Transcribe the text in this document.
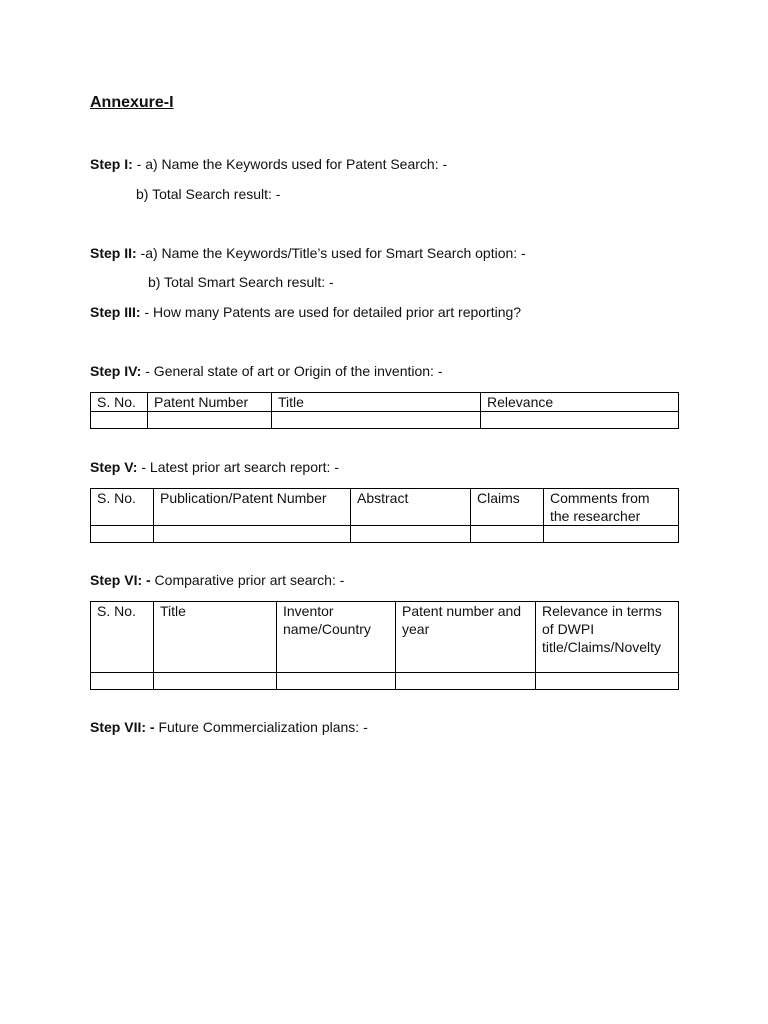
Annexure-I
Step I: - a) Name the Keywords used for Patent Search: -
b) Total Search result: -
Step II: -a) Name the Keywords/Title’s used for Smart Search option: -
b) Total Smart Search result: -
Step III: - How many Patents are used for detailed prior art reporting?
Step IV: - General state of art or Origin of the invention: -
S. No.	Patent Number	Title	Relevance

Step V: - Latest prior art search report: -
S. No.	Publication/Patent Number	Abstract	Claims	Comments from the researcher

Step VI: - Comparative prior art search: -
S. No.	Title	Inventor name/Country	Patent number and year	Relevance in terms of DWPI title/Claims/Novelty

Step VII: - Future Commercialization plans: -
